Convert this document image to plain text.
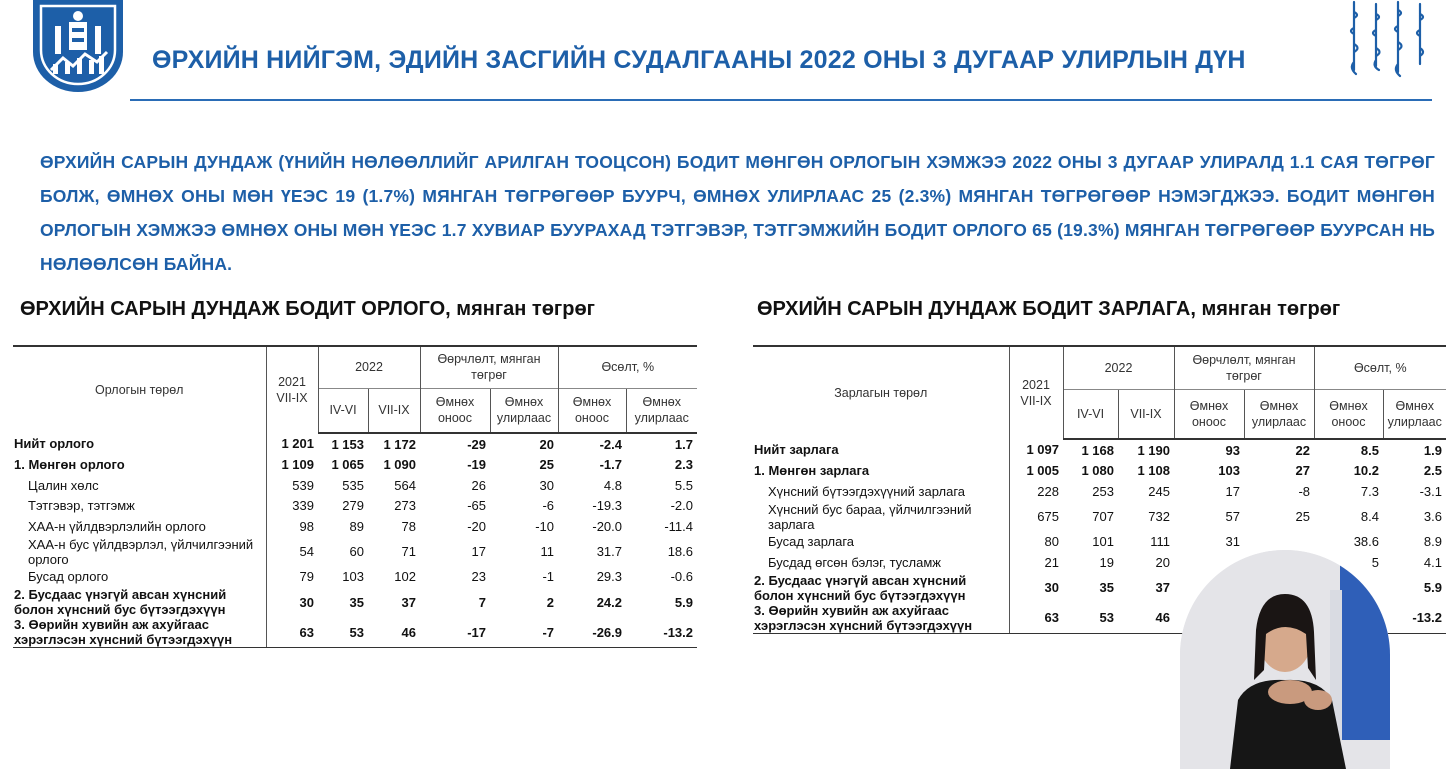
ӨРХИЙН НИЙГЭМ, ЭДИЙН ЗАСГИЙН СУДАЛГААНЫ 2022 ОНЫ 3 ДУГААР УЛИРЛЫН ДҮН
ӨРХИЙН САРЫН ДУНДАЖ (ҮНИЙН НӨЛӨӨЛЛИЙГ АРИЛГАН ТООЦСОН) БОДИТ МӨНГӨН ОРЛОГЫН ХЭМЖЭЭ 2022 ОНЫ 3 ДУГААР УЛИРАЛД 1.1 САЯ ТӨГРӨГ БОЛЖ, ӨМНӨХ ОНЫ МӨН ҮЕЭС 19 (1.7%) МЯНГАН ТӨГРӨГӨӨР БУУРЧ, ӨМНӨХ УЛИРЛААС 25 (2.3%) МЯНГАН ТӨГРӨГӨӨР НЭМЭГДЖЭЭ. БОДИТ МӨНГӨН ОРЛОГЫН ХЭМЖЭЭ ӨМНӨХ ОНЫ МӨН ҮЕЭС 1.7 ХУВИАР БУУРАХАД ТЭТГЭВЭР, ТЭТГЭМЖИЙН БОДИТ ОРЛОГО 65 (19.3%) МЯНГАН ТӨГРӨГӨӨР БУУРСАН НЬ НӨЛӨӨЛСӨН БАЙНА.
ӨРХИЙН САРЫН ДУНДАЖ БОДИТ ОРЛОГО, мянган төгрөг
Орлогын төрөл	2021 VII-IX	2022		Өөрчлөлт, мянган төгрөг		Өсөлт, %	
		IV-VI	VII-IX	Өмнөх оноос	Өмнөх улирлаас	Өмнөх оноос	Өмнөх улирлаас
Нийт орлого	1 201	1 153	1 172	-29	20	-2.4	1.7
1. Мөнгөн орлого	1 109	1 065	1 090	-19	25	-1.7	2.3
Цалин хөлс	539	535	564	26	30	4.8	5.5
Тэтгэвэр, тэтгэмж	339	279	273	-65	-6	-19.3	-2.0
ХАА-н үйлдвэрлэлийн орлого	98	89	78	-20	-10	-20.0	-11.4
ХАА-н бус үйлдвэрлэл, үйлчилгээний орлого	54	60	71	17	11	31.7	18.6
Бусад орлого	79	103	102	23	-1	29.3	-0.6
2. Бусдаас үнэгүй авсан хүнсний болон хүнсний бус бүтээгдэхүүн	30	35	37	7	2	24.2	5.9
3. Өөрийн хувийн аж ахуйгаас хэрэглэсэн хүнсний бүтээгдэхүүн	63	53	46	-17	-7	-26.9	-13.2
ӨРХИЙН САРЫН ДУНДАЖ БОДИТ ЗАРЛАГА, мянган төгрөг
Зарлагын төрөл	2021 VII-IX	2022		Өөрчлөлт, мянган төгрөг		Өсөлт, %	
		IV-VI	VII-IX	Өмнөх оноос	Өмнөх улирлаас	Өмнөх оноос	Өмнөх улирлаас
Нийт зарлага	1 097	1 168	1 190	93	22	8.5	1.9
1. Мөнгөн зарлага	1 005	1 080	1 108	103	27	10.2	2.5
Хүнсний бүтээгдэхүүний зарлага	228	253	245	17	-8	7.3	-3.1
Хүнсний бус бараа, үйлчилгээний зарлага	675	707	732	57	25	8.4	3.6
Бусад зарлага	80	101	111	31		38.6	8.9
Бусдад өгсөн бэлэг, тусламж	21	19	20			5	4.1
2. Бусдаас үнэгүй авсан хүнсний болон хүнсний бус бүтээгдэхүүн	30	35	37				5.9
3. Өөрийн хувийн аж ахуйгаас хэрэглэсэн хүнсний бүтээгдэхүүн	63	53	46				-13.2
